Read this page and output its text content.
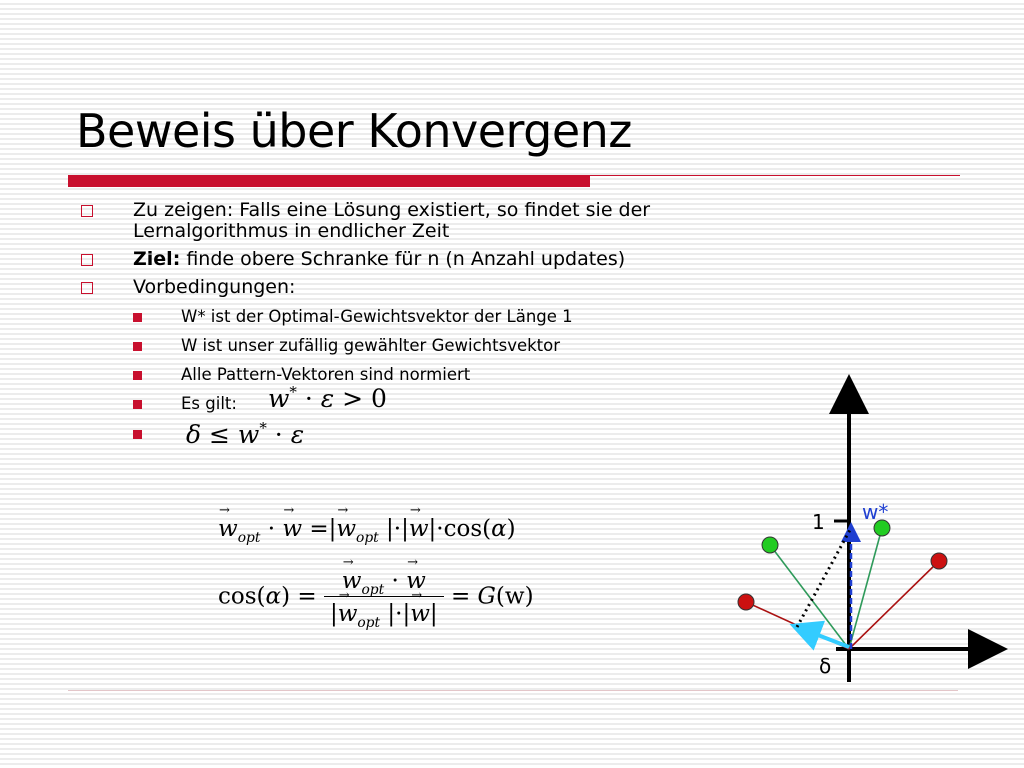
Beweis über Konvergenz
Zu zeigen: Falls eine Lösung existiert, so findet sie der Lernalgorithmus in endlicher Zeit
Ziel: finde obere Schranke für n (n Anzahl updates)
Vorbedingungen:
W* ist der Optimal-Gewichtsvektor der Länge 1
W ist unser zufällig gewählter Gewichtsvektor
Alle Pattern-Vektoren sind normiert
Es gilt: w* · ε > 0
δ ≤ w* · ε
→ $w_{opt}$ · → w =|→ $w_{opt}$ |·|→ w|·cos(α)
cos(α) = → $\frac{w_{opt} \cdot \to w}{|\to w_{opt} |\cdot|\to w|} = G(w)$
1 w*
δ
